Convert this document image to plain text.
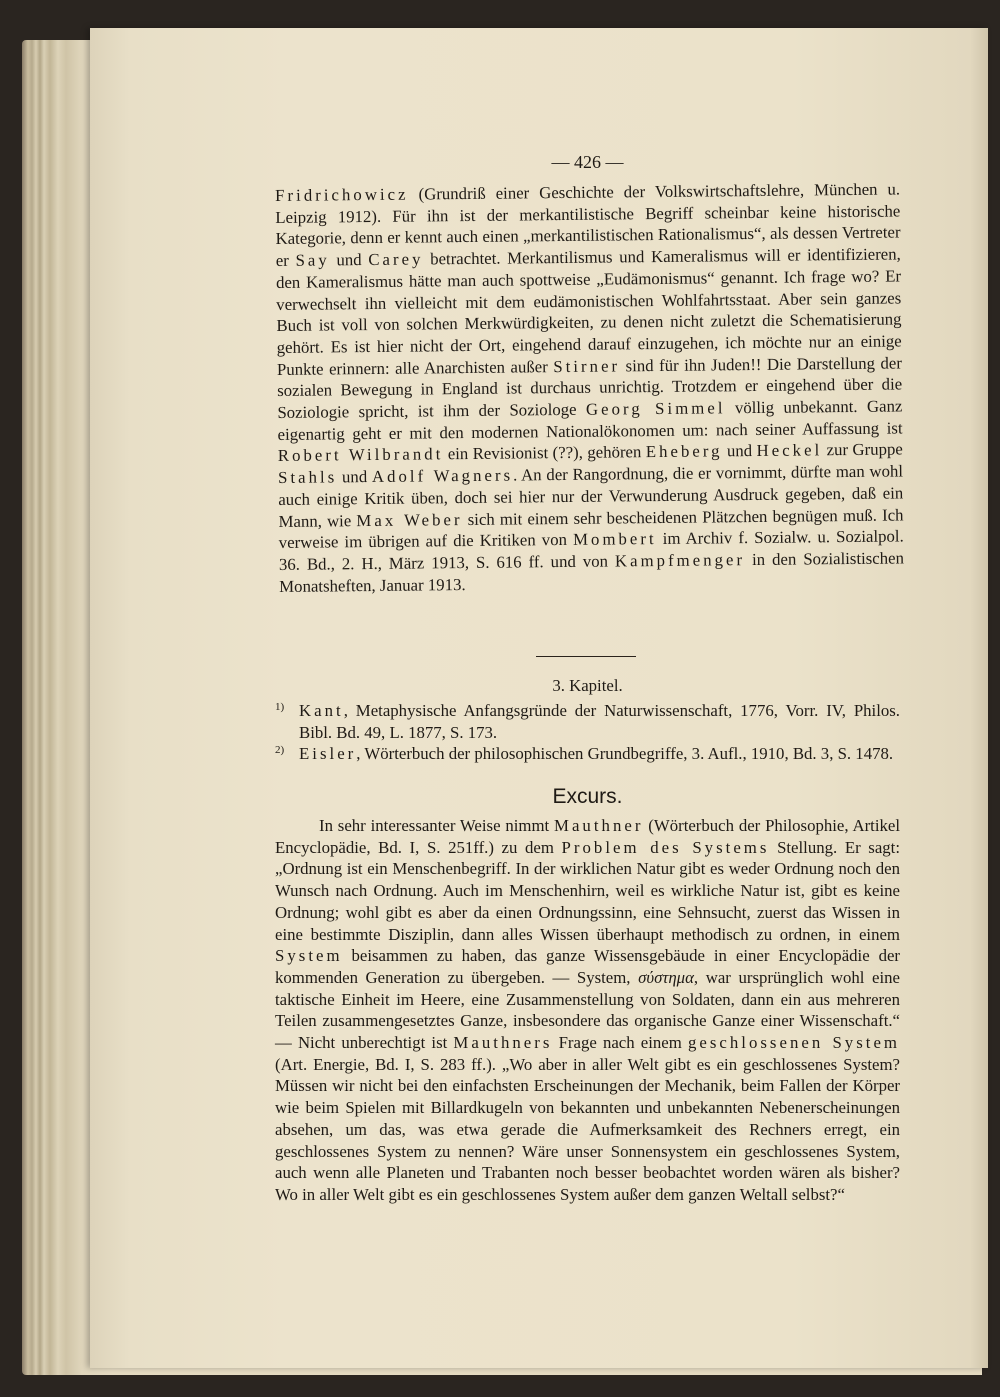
— 426 —
Fridrichowicz (Grundriß einer Geschichte der Volkswirtschaftslehre, München u. Leipzig 1912). Für ihn ist der merkantilistische Begriff scheinbar keine historische Kategorie, denn er kennt auch einen „merkantilistischen Rationalismus“, als dessen Vertreter er Say und Carey betrachtet. Merkantilismus und Kameralismus will er identifizieren, den Kameralismus hätte man auch spottweise „Eudämonismus“ genannt. Ich frage wo? Er verwechselt ihn vielleicht mit dem eudämonistischen Wohlfahrtsstaat. Aber sein ganzes Buch ist voll von solchen Merkwürdigkeiten, zu denen nicht zuletzt die Schematisierung gehört. Es ist hier nicht der Ort, eingehend darauf einzugehen, ich möchte nur an einige Punkte erinnern: alle Anarchisten außer Stirner sind für ihn Juden!! Die Darstellung der sozialen Bewegung in England ist durchaus unrichtig. Trotzdem er eingehend über die Soziologie spricht, ist ihm der Soziologe Georg Simmel völlig unbekannt. Ganz eigenartig geht er mit den modernen Nationalökonomen um: nach seiner Auffassung ist Robert Wilbrandt ein Revisionist (??), gehören Eheberg und Heckel zur Gruppe Stahls und Adolf Wagners. An der Rangordnung, die er vornimmt, dürfte man wohl auch einige Kritik üben, doch sei hier nur der Verwunderung Ausdruck gegeben, daß ein Mann, wie Max Weber sich mit einem sehr bescheidenen Plätzchen begnügen muß. Ich verweise im übrigen auf die Kritiken von Mombert im Archiv f. Sozialw. u. Sozialpol. 36. Bd., 2. H., März 1913, S. 616 ff. und von Kampfmenger in den Sozialistischen Monatsheften, Januar 1913.
3. Kapitel.
1) Kant, Metaphysische Anfangsgründe der Naturwissenschaft, 1776, Vorr. IV, Philos. Bibl. Bd. 49, L. 1877, S. 173.
2) Eisler, Wörterbuch der philosophischen Grundbegriffe, 3. Aufl., 1910, Bd. 3, S. 1478.
Excurs.
In sehr interessanter Weise nimmt Mauthner (Wörterbuch der Philosophie, Artikel Encyclopädie, Bd. I, S. 251ff.) zu dem Problem des Systems Stellung. Er sagt: „Ordnung ist ein Menschenbegriff. In der wirklichen Natur gibt es weder Ordnung noch den Wunsch nach Ordnung. Auch im Menschenhirn, weil es wirkliche Natur ist, gibt es keine Ordnung; wohl gibt es aber da einen Ordnungssinn, eine Sehnsucht, zuerst das Wissen in eine bestimmte Disziplin, dann alles Wissen überhaupt methodisch zu ordnen, in einem System beisammen zu haben, das ganze Wissensgebäude in einer Encyclopädie der kommenden Generation zu übergeben. — System, σύστημα, war ursprünglich wohl eine taktische Einheit im Heere, eine Zusammenstellung von Soldaten, dann ein aus mehreren Teilen zusammengesetztes Ganze, insbesondere das organische Ganze einer Wissenschaft.“ — Nicht unberechtigt ist Mauthners Frage nach einem geschlossenen System (Art. Energie, Bd. I, S. 283 ff.). „Wo aber in aller Welt gibt es ein geschlossenes System? Müssen wir nicht bei den einfachsten Erscheinungen der Mechanik, beim Fallen der Körper wie beim Spielen mit Billardkugeln von bekannten und unbekannten Nebenerscheinungen absehen, um das, was etwa gerade die Aufmerksamkeit des Rechners erregt, ein geschlossenes System zu nennen? Wäre unser Sonnensystem ein geschlossenes System, auch wenn alle Planeten und Trabanten noch besser beobachtet worden wären als bisher? Wo in aller Welt gibt es ein geschlossenes System außer dem ganzen Weltall selbst?“
